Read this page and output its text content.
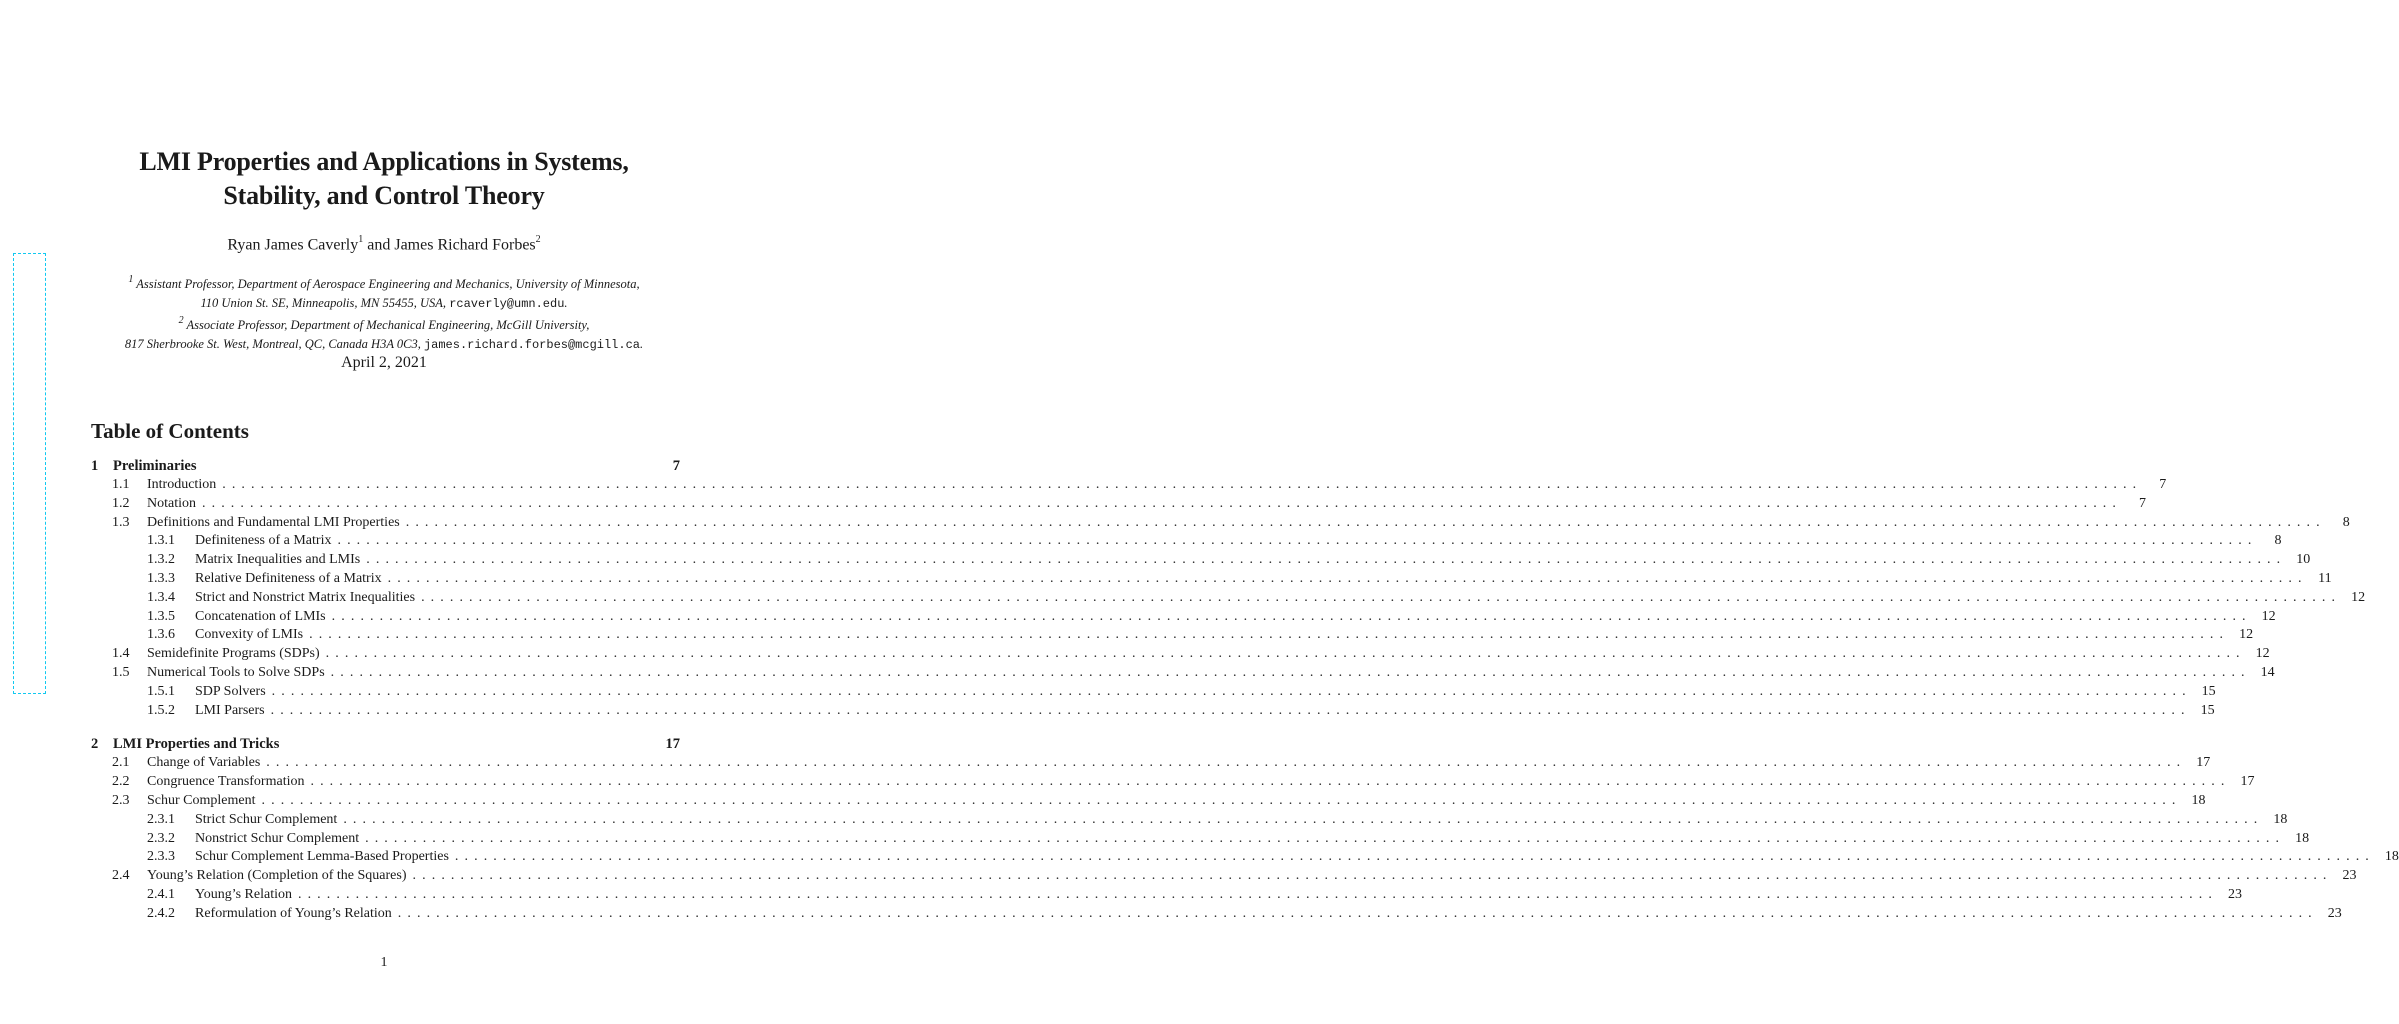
LMI Properties and Applications in Systems,
Stability, and Control Theory
Ryan James Caverly$^1$ and James Richard Forbes$^2$
$^1$ Assistant Professor, Department of Aerospace Engineering and Mechanics, University of Minnesota,
110 Union St. SE, Minneapolis, MN 55455, USA, rcaverly@umn.edu.
$^2$ Associate Professor, Department of Mechanical Engineering, McGill University,
817 Sherbrooke St. West, Montreal, QC, Canada H3A 0C3, james.richard.forbes@mcgill.ca.
April 2, 2021
Table of Contents
1	Preliminaries	7
1.1	Introduction ........................................................................................................................................................................................................	7
1.2	Notation ........................................................................................................................................................................................................	7
1.3	Definitions and Fundamental LMI Properties ........................................................................................................................................................................................................	8
1.3.1	Definiteness of a Matrix ........................................................................................................................................................................................................	8
1.3.2	Matrix Inequalities and LMIs ........................................................................................................................................................................................................ 10
1.3.3	Relative Definiteness of a Matrix ........................................................................................................................................................................................................ 11
1.3.4	Strict and Nonstrict Matrix Inequalities ........................................................................................................................................................................................................ 12
1.3.5	Concatenation of LMIs ........................................................................................................................................................................................................ 12
1.3.6	Convexity of LMIs ........................................................................................................................................................................................................ 12
1.4	Semidefinite Programs (SDPs) ........................................................................................................................................................................................................ 12
1.5	Numerical Tools to Solve SDPs ........................................................................................................................................................................................................ 14
1.5.1	SDP Solvers ........................................................................................................................................................................................................ 15
1.5.2	LMI Parsers ........................................................................................................................................................................................................ 15
2	LMI Properties and Tricks	17
2.1	Change of Variables ........................................................................................................................................................................................................ 17
2.2	Congruence Transformation ........................................................................................................................................................................................................ 17
2.3	Schur Complement ........................................................................................................................................................................................................ 18
2.3.1	Strict Schur Complement ........................................................................................................................................................................................................ 18
2.3.2	Nonstrict Schur Complement ........................................................................................................................................................................................................ 18
2.3.3	Schur Complement Lemma-Based Properties ........................................................................................................................................................................................................ 18
2.4	Young’s Relation (Completion of the Squares) ........................................................................................................................................................................................................ 23
2.4.1	Young’s Relation ........................................................................................................................................................................................................ 23
2.4.2	Reformulation of Young’s Relation ........................................................................................................................................................................................................ 23
1
